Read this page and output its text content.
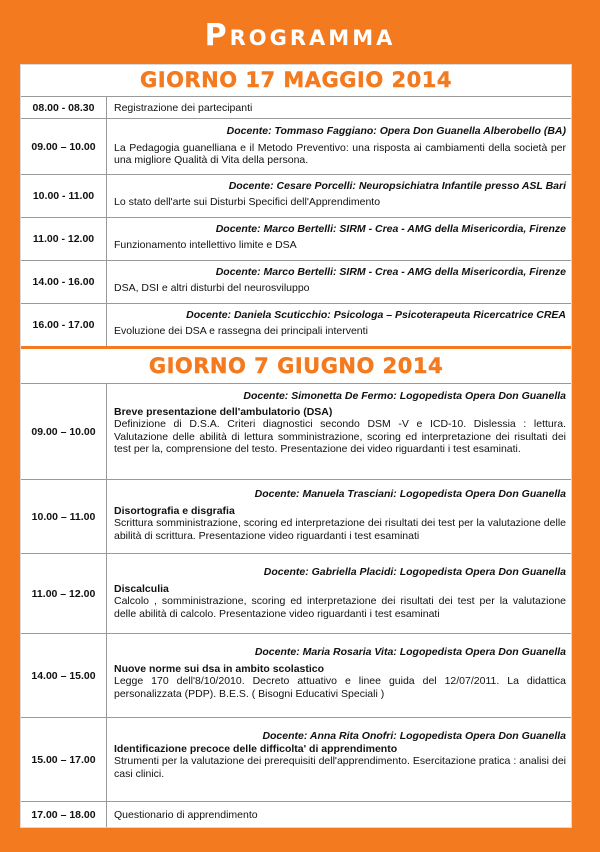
Programma
GIORNO 17 MAGGIO 2014
08.00 - 08.30	Registrazione dei partecipanti
09.00 – 10.00
Docente: Tommaso Faggiano: Opera Don Guanella Alberobello (BA)
La Pedagogia guanelliana e il Metodo Preventivo: una risposta ai cambiamenti della società per una migliore Qualità di Vita della persona.
10.00 - 11.00
Docente: Cesare Porcelli: Neuropsichiatra Infantile presso ASL Bari
Lo stato dell'arte sui Disturbi Specifici dell'Apprendimento
11.00 - 12.00
Docente: Marco Bertelli: SIRM - Crea - AMG della Misericordia, Firenze
Funzionamento intellettivo limite e DSA
14.00 - 16.00
Docente: Marco Bertelli: SIRM - Crea - AMG della Misericordia, Firenze
DSA, DSI e altri disturbi del neurosviluppo
16.00 - 17.00
Docente: Daniela Scuticchio: Psicologa – Psicoterapeuta Ricercatrice CREA
Evoluzione dei DSA e rassegna dei principali interventi
GIORNO 7 GIUGNO 2014
09.00 – 10.00
Docente: Simonetta De Fermo: Logopedista Opera Don Guanella
Breve presentazione dell'ambulatorio (DSA)
Definizione di D.S.A. Criteri diagnostici secondo DSM -V e ICD-10. Dislessia : lettura. Valutazione delle abilità di lettura somministrazione, scoring ed interpretazione dei risultati dei test per la, comprensione del testo. Presentazione dei video riguardanti i test esaminati.
10.00 – 11.00
Docente: Manuela Trasciani: Logopedista Opera Don Guanella
Disortografia e disgrafia
Scrittura somministrazione, scoring ed interpretazione dei risultati dei test per la valutazione delle abilità di scrittura. Presentazione video riguardanti i test esaminati
11.00 – 12.00
Docente: Gabriella Placidi: Logopedista Opera Don Guanella
Discalculia
Calcolo , somministrazione, scoring ed interpretazione dei risultati dei test per la valutazione delle abilità di calcolo. Presentazione video riguardanti i test esaminati
14.00 – 15.00
Docente: Maria Rosaria Vita: Logopedista Opera Don Guanella
Nuove norme sui dsa in ambito scolastico
Legge 170 dell'8/10/2010. Decreto attuativo e linee guida del 12/07/2011. La didattica personalizzata (PDP). B.E.S. ( Bisogni Educativi Speciali )
15.00 – 17.00
Docente: Anna Rita Onofri: Logopedista Opera Don Guanella
Identificazione precoce delle difficolta' di apprendimento
Strumenti per la valutazione dei prerequisiti dell'apprendimento. Esercitazione pratica : analisi dei casi clinici.
17.00 – 18.00	Questionario di apprendimento
